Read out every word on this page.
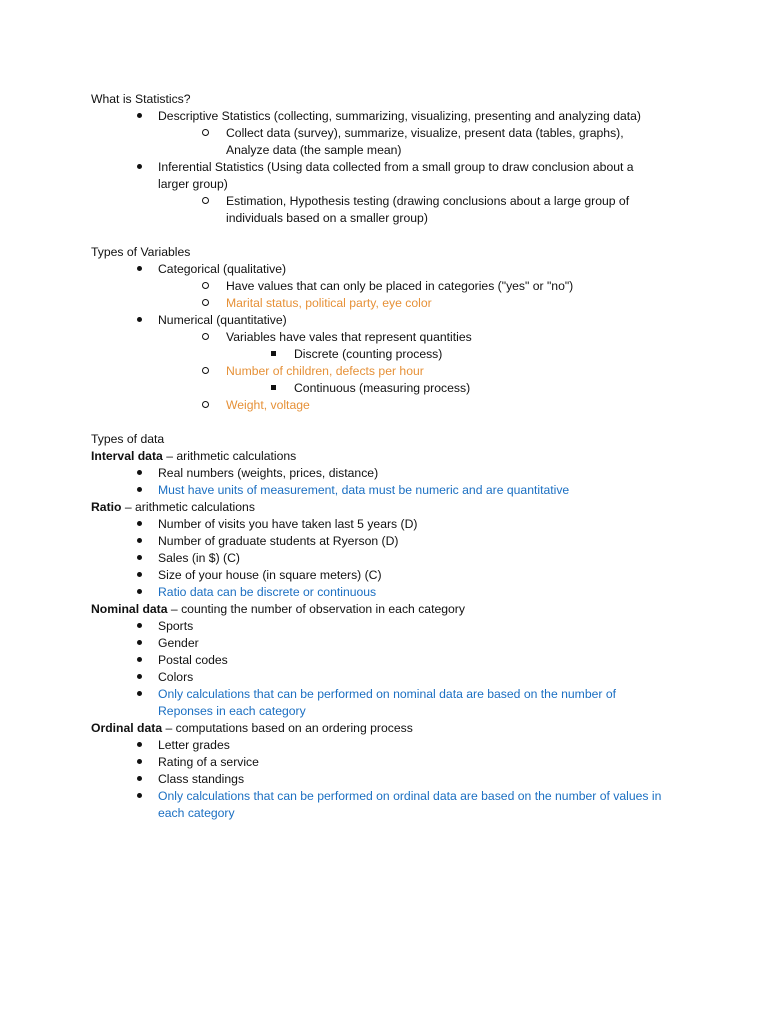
What is Statistics?
Descriptive Statistics (collecting, summarizing, visualizing, presenting and analyzing data)
Collect data (survey), summarize, visualize, present data (tables, graphs),
Analyze data (the sample mean)
Inferential Statistics (Using data collected from a small group to draw conclusion about a
larger group)
Estimation, Hypothesis testing (drawing conclusions about a large group of
individuals based on a smaller group)
Types of Variables
Categorical (qualitative)
Have values that can only be placed in categories ("yes" or "no")
Marital status, political party, eye color
Numerical (quantitative)
Variables have vales that represent quantities
Discrete (counting process)
Number of children, defects per hour
Continuous (measuring process)
Weight, voltage
Types of data
Interval data – arithmetic calculations
Real numbers (weights, prices, distance)
Must have units of measurement, data must be numeric and are quantitative
Ratio – arithmetic calculations
Number of visits you have taken last 5 years (D)
Number of graduate students at Ryerson (D)
Sales (in $) (C)
Size of your house (in square meters) (C)
Ratio data can be discrete or continuous
Nominal data – counting the number of observation in each category
Sports
Gender
Postal codes
Colors
Only calculations that can be performed on nominal data are based on the number of
Reponses in each category
Ordinal data – computations based on an ordering process
Letter grades
Rating of a service
Class standings
Only calculations that can be performed on ordinal data are based on the number of values in
each category
